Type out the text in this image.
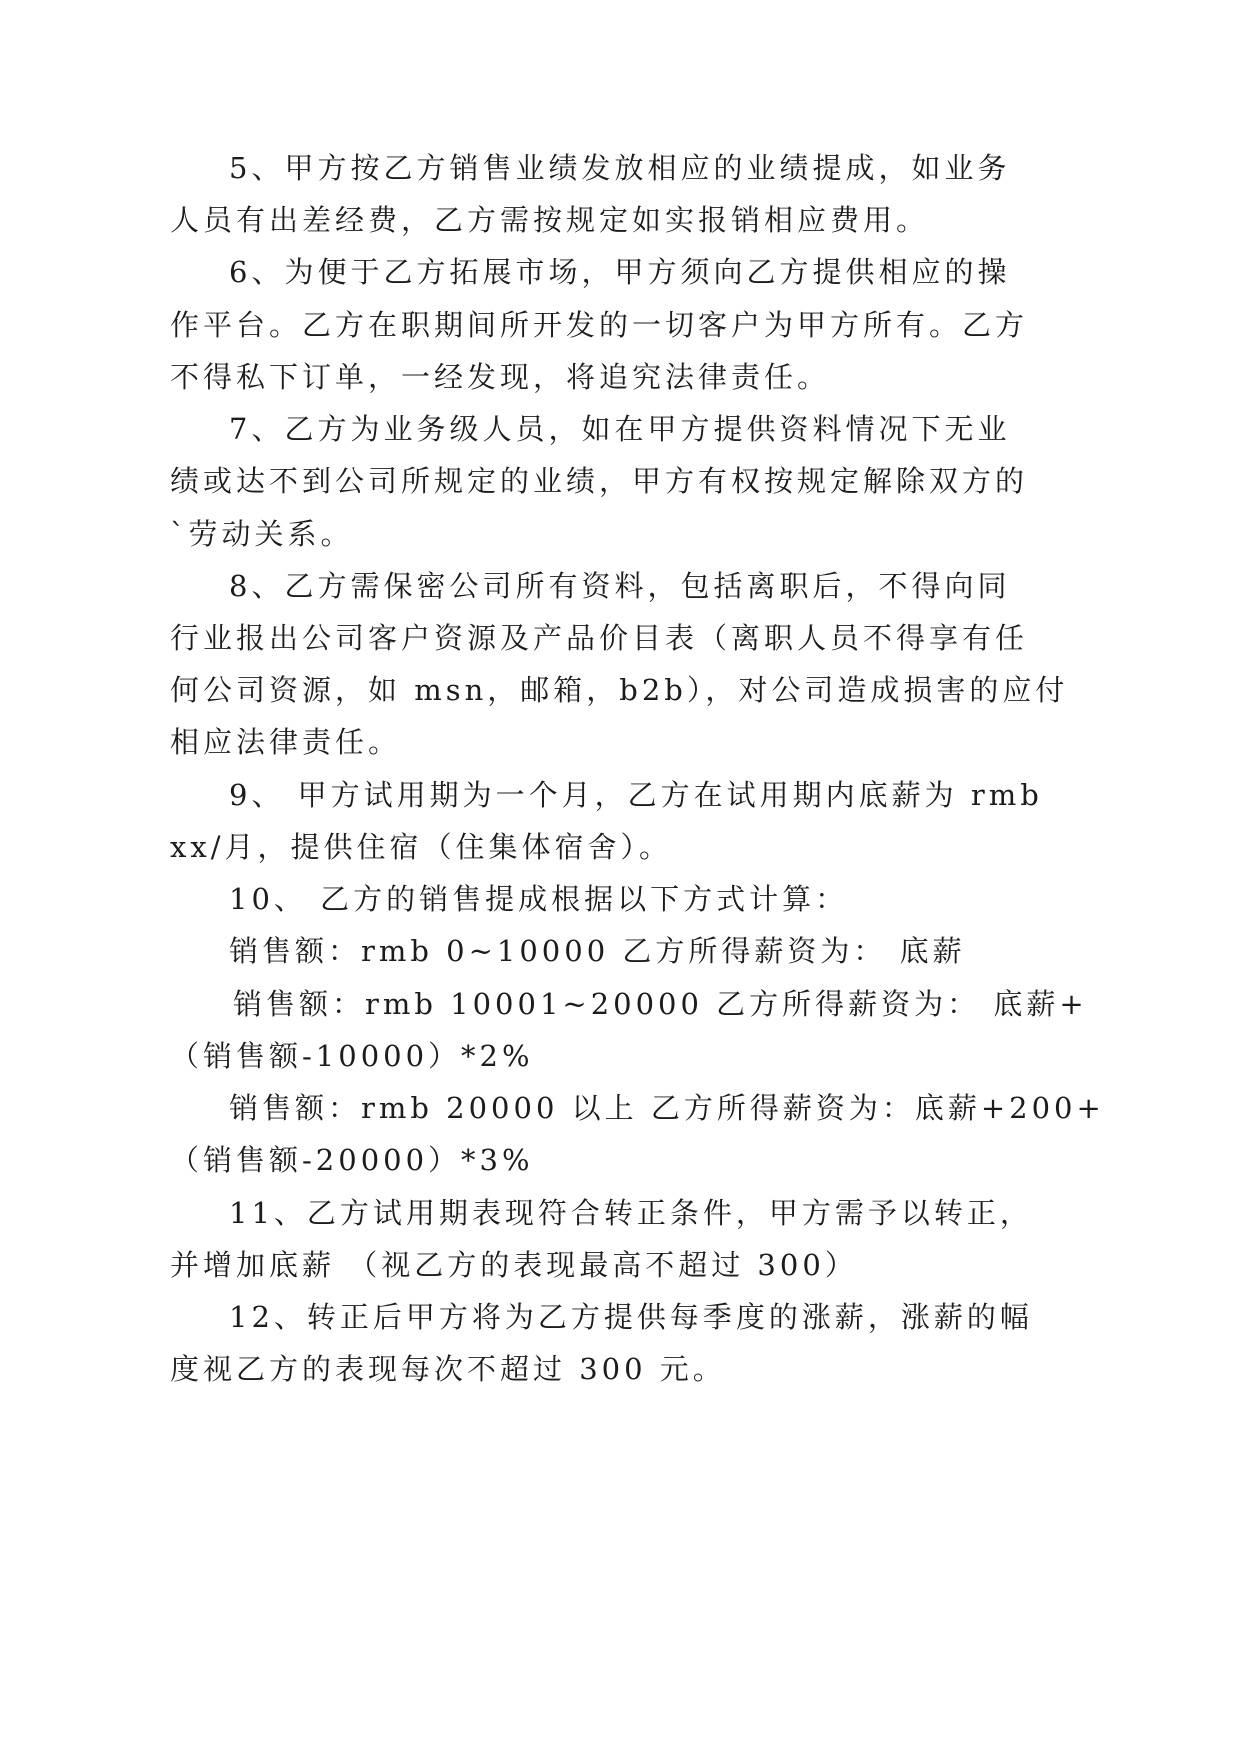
5、甲方按乙方销售业绩发放相应的业绩提成，如业务
人员有出差经费，乙方需按规定如实报销相应费用。
6、为便于乙方拓展市场，甲方须向乙方提供相应的操
作平台。乙方在职期间所开发的一切客户为甲方所有。乙方
不得私下订单，一经发现，将追究法律责任。
7、乙方为业务级人员，如在甲方提供资料情况下无业
绩或达不到公司所规定的业绩，甲方有权按规定解除双方的
`劳动关系。
8、乙方需保密公司所有资料，包括离职后，不得向同
行业报出公司客户资源及产品价目表（离职人员不得享有任
何公司资源，如 msn，邮箱，b2b），对公司造成损害的应付
相应法律责任。
9、 甲方试用期为一个月，乙方在试用期内底薪为 rmb
xx/月，提供住宿（住集体宿舍）。
10、 乙方的销售提成根据以下方式计算：
销售额：rmb 0~10000 乙方所得薪资为： 底薪
销售额：rmb 10001~20000 乙方所得薪资为： 底薪+
（销售额-10000）*2%
销售额：rmb 20000 以上 乙方所得薪资为：底薪+200+
（销售额-20000）*3%
11、乙方试用期表现符合转正条件，甲方需予以转正，
并增加底薪 （视乙方的表现最高不超过 300）
12、转正后甲方将为乙方提供每季度的涨薪，涨薪的幅
度视乙方的表现每次不超过 300 元。
